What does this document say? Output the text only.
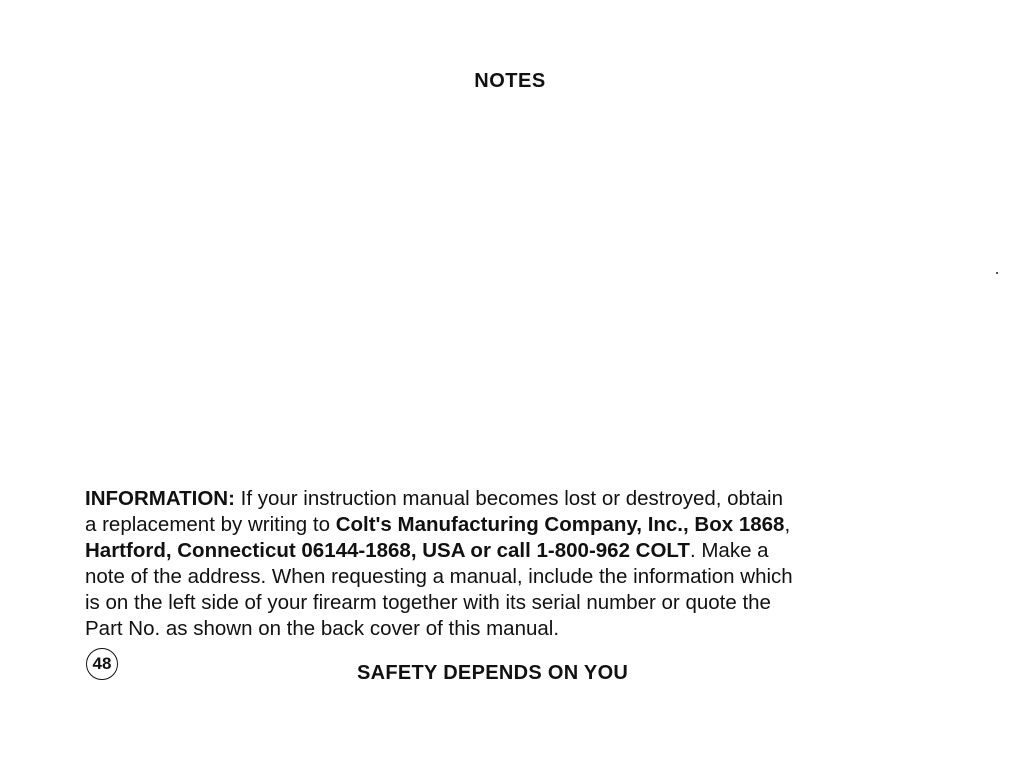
NOTES
INFORMATION: If your instruction manual becomes lost or destroyed, obtain
a replacement by writing to Colt's Manufacturing Company, Inc., Box 1868,
Hartford, Connecticut 06144-1868, USA or call 1-800-962 COLT. Make a
note of the address. When requesting a manual, include the information which
is on the left side of your firearm together with its serial number or quote the
Part No. as shown on the back cover of this manual.
48	SAFETY DEPENDS ON YOU
